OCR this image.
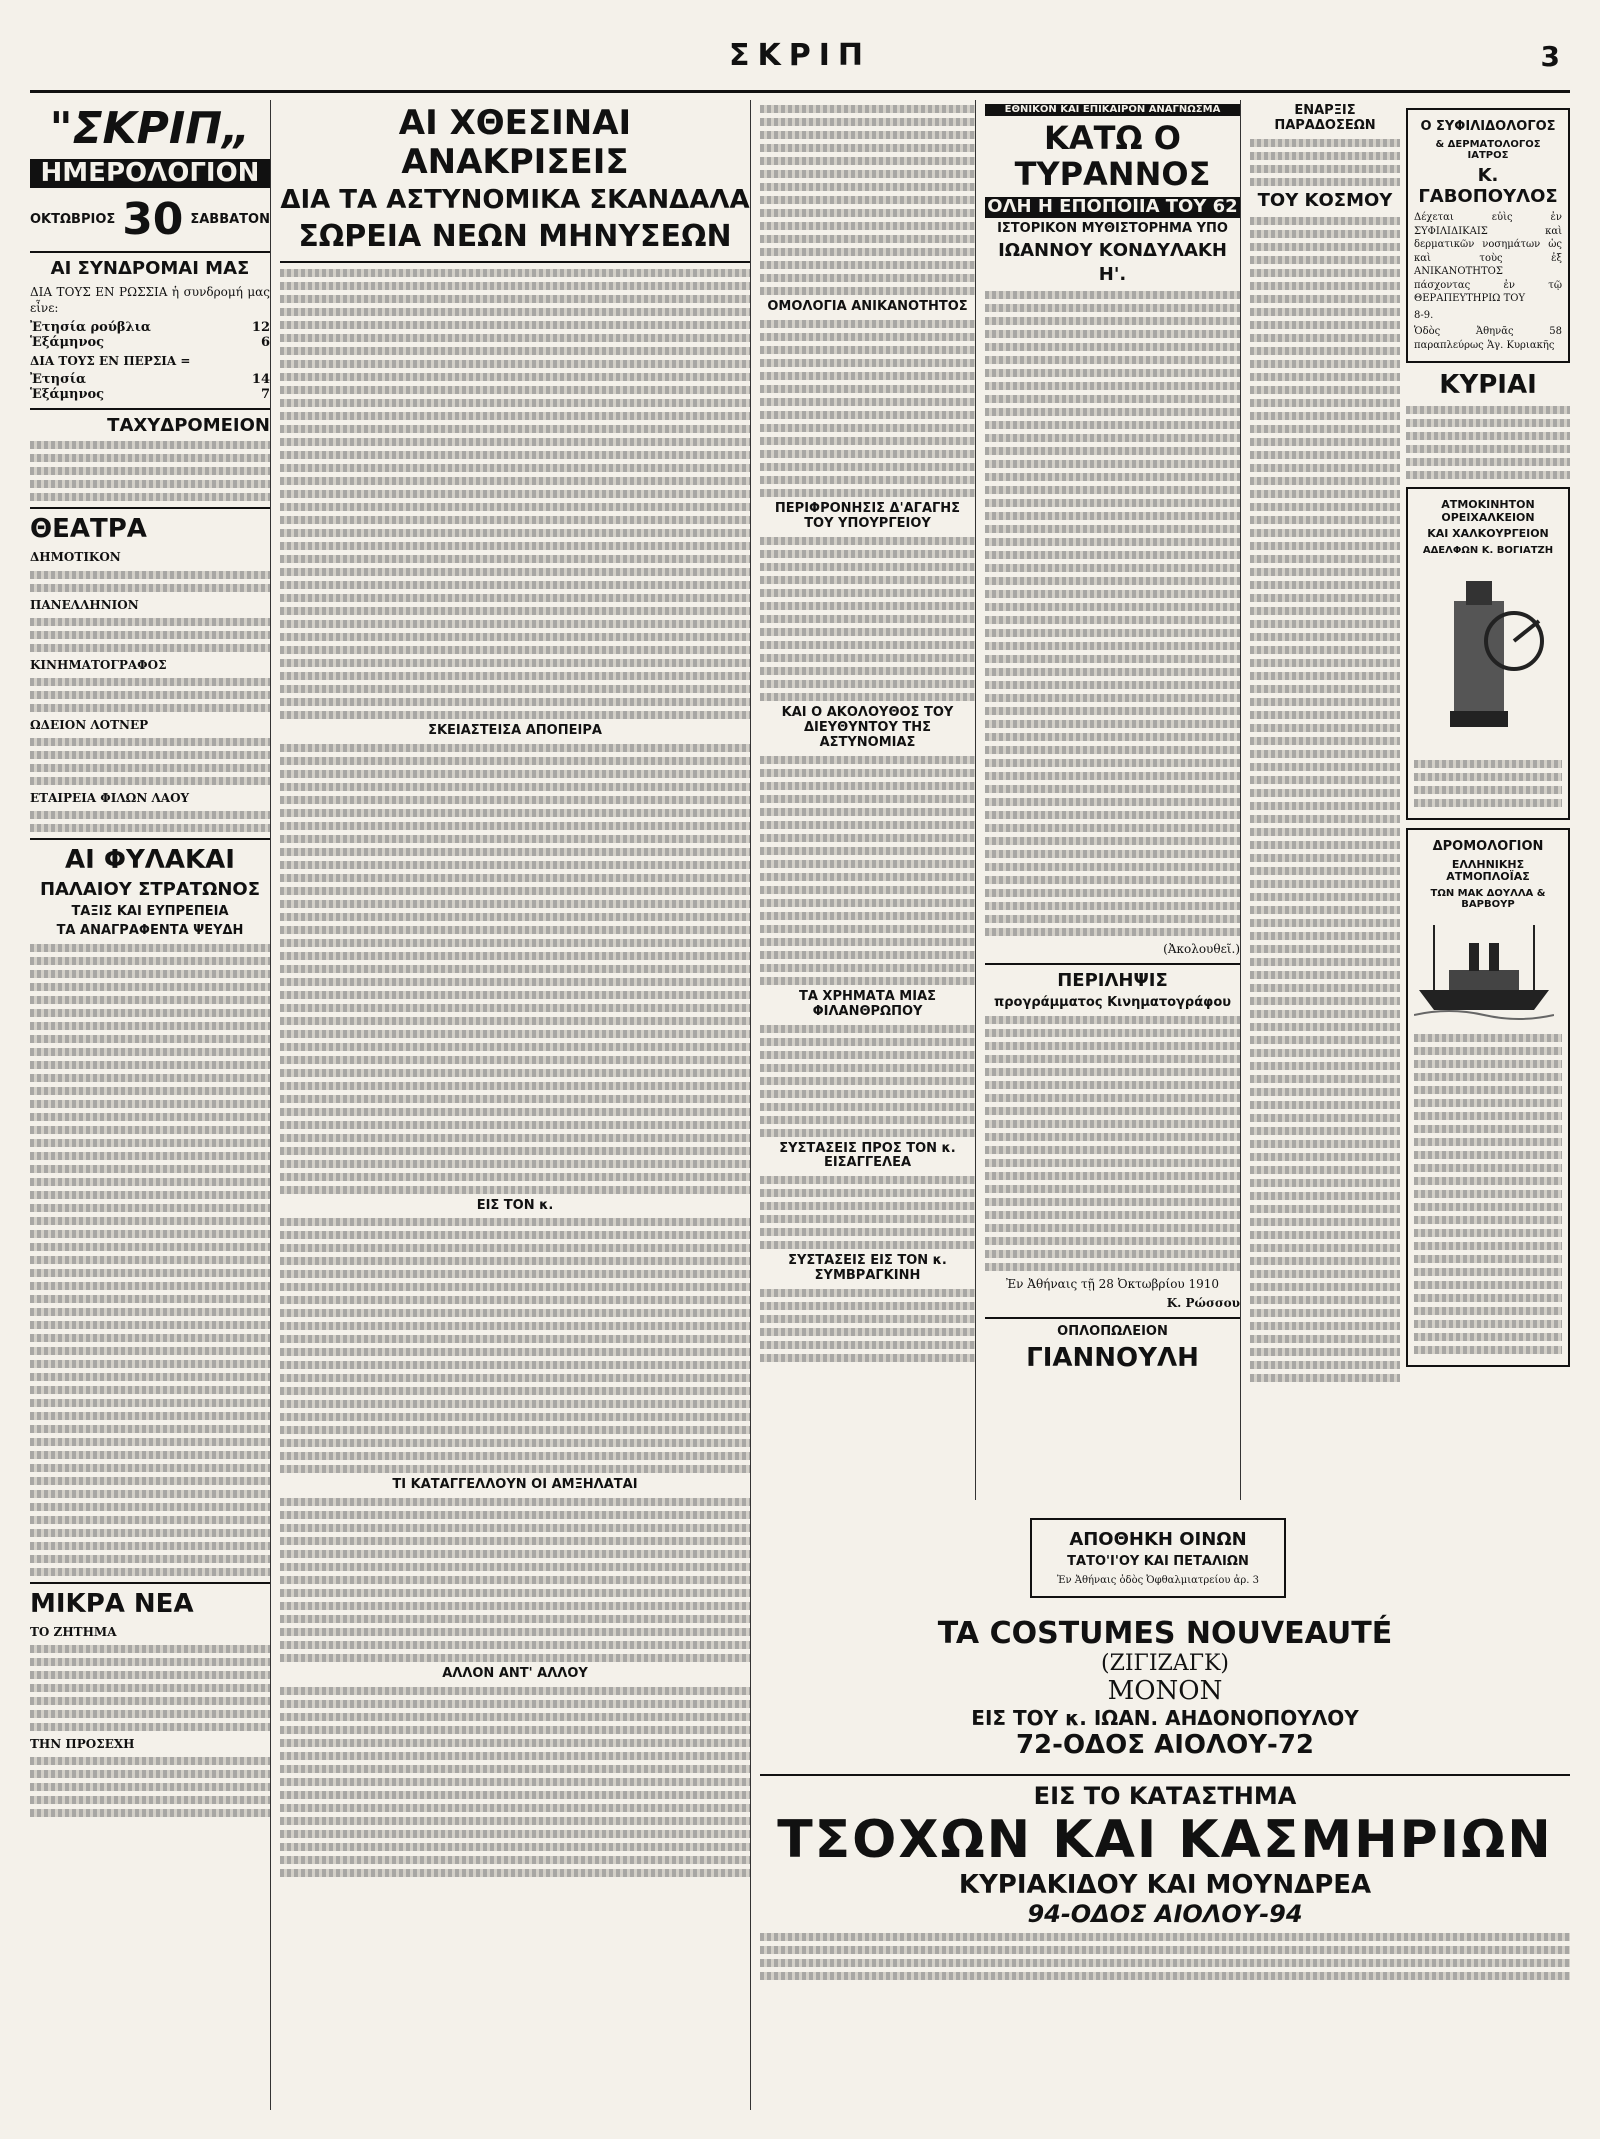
ΣΚΡΙΠ	3
"ΣΚΡΙΠ„
ΗΜΕΡΟΛΟΓΙΟΝ
ΟΚΤΩΒΡΙΟΣ 30 ΣΑΒΒΑΤΟΝ
ΑΙ ΣΥΝΔΡΟΜΑΙ ΜΑΣ
ΔΙΑ ΤΟΥΣ ΕΝ ΡΩΣΣΙΑ ἡ συνδρομή μας εἶνε:
Ἐτησία ρούβλια	12
Ἑξάμηνος	6
ΔΙΑ ΤΟΥΣ ΕΝ ΠΕΡΣΙΑ =
Ἐτησία	14
Ἑξάμηνος	7
ΤΑΧΥΔΡΟΜΕΙΟΝ
ΘΕΑΤΡΑ
ΔΗΜΟΤΙΚΟΝ
ΠΑΝΕΛΛΗΝΙΟΝ
ΚΙΝΗΜΑΤΟΓΡΑΦΟΣ
ΩΔΕΙΟΝ ΛΟΤΝΕΡ
ΕΤΑΙΡΕΙΑ ΦΙΛΩΝ ΛΑΟΥ
ΑΙ ΦΥΛΑΚΑΙ
ΠΑΛΑΙΟΥ ΣΤΡΑΤΩΝΟΣ
ΤΑΞΙΣ ΚΑΙ ΕΥΠΡΕΠΕΙΑ
ΤΑ ΑΝΑΓΡΑΦΕΝΤΑ ΨΕΥΔΗ
ΜΙΚΡΑ ΝΕΑ
ΤΟ ΖΗΤΗΜΑ
ΤΗΝ ΠΡΟΣΕΧΗ
ΑΙ ΧΘΕΣΙΝΑΙ ΑΝΑΚΡΙΣΕΙΣ
ΔΙΑ ΤΑ ΑΣΤΥΝΟΜΙΚΑ ΣΚΑΝΔΑΛΑ
ΣΩΡΕΙΑ ΝΕΩΝ ΜΗΝΥΣΕΩΝ
ΣΚΕΙΑΣΤΕΙΣΑ ΑΠΟΠΕΙΡΑ
ΕΙΣ ΤΟΝ κ.
ΤΙ ΚΑΤΑΓΓΕΛΛΟΥΝ ΟΙ ΑΜΞΗΛΑΤΑΙ
ΑΛΛΟΝ ΑΝΤ' ΑΛΛΟΥ
ΟΜΟΛΟΓΙΑ ΑΝΙΚΑΝΟΤΗΤΟΣ
ΠΕΡΙΦΡΟΝΗΣΙΣ Δ'ΑΓΑΓΗΣ ΤΟΥ ΥΠΟΥΡΓΕΙΟΥ
ΚΑΙ Ο ΑΚΟΛΟΥΘΟΣ ΤΟΥ ΔΙΕΥΘΥΝΤΟΥ ΤΗΣ ΑΣΤΥΝΟΜΙΑΣ
ΤΑ ΧΡΗΜΑΤΑ ΜΙΑΣ ΦΙΛΑΝΘΡΩΠΟΥ
ΣΥΣΤΑΣΕΙΣ ΠΡΟΣ ΤΟΝ κ. ΕΙΣΑΓΓΕΛΕΑ
ΣΥΣΤΑΣΕΙΣ ΕΙΣ ΤΟΝ κ. ΣΥΜΒΡΑΓΚΙΝΗ
ΕΘΝΙΚΟΝ ΚΑΙ ΕΠΙΚΑΙΡΟΝ ΑΝΑΓΝΩΣΜΑ
ΚΑΤΩ Ο ΤΥΡΑΝΝΟΣ
ΟΛΗ Η ΕΠΟΠΟΙΙΑ ΤΟΥ 62
ΙΣΤΟΡΙΚΟΝ ΜΥΘΙΣΤΟΡΗΜΑ ΥΠΟ
ΙΩΑΝΝΟΥ ΚΟΝΔΥΛΑΚΗ
Η'.
(Ἀκολουθεῖ.)
ΠΕΡΙΛΗΨΙΣ
προγράμματος Κινηματογράφου
Ἐν Ἀθήναις τῇ 28 Ὀκτωβρίου 1910
Κ. Ρώσσου
ΟΠΛΟΠΩΛΕΙΟΝ
ΓΙΑΝΝΟΥΛΗ
ΕΝΑΡΞΙΣ ΠΑΡΑΔΟΣΕΩΝ
ΤΟΥ ΚΟΣΜΟΥ
Ο ΣΥΦΙΛΙΔΟΛΟΓΟΣ
& ΔΕΡΜΑΤΟΛΟΓΟΣ ΙΑΤΡΟΣ
Κ. ΓΑΒΟΠΟΥΛΟΣ
Δέχεται εὐὶς ἐν ΣΥΦΙΛΙΔΙΚΑΙΣ καὶ δερματικῶν νοσημάτων ὡς καὶ τοὺς ἐξ ΑΝΙΚΑΝΟΤΗΤΟΣ πάσχοντας ἐν τῷ ΘΕΡΑΠΕΥΤΗΡΙΩ ΤΟΥ
8-9.
Ὁδὸς Ἀθηνᾶς 58 παραπλεύρως Ἁγ. Κυριακῆς
ΚΥΡΙΑΙ
ΑΤΜΟΚΙΝΗΤΟΝ ΟΡΕΙΧΑΛΚΕΙΟΝ
ΚΑΙ ΧΑΛΚΟΥΡΓΕΙΟΝ
ΑΔΕΛΦΩΝ Κ. ΒΟΓΙΑΤΖΗ
ΔΡΟΜΟΛΟΓΙΟΝ
ΕΛΛΗΝΙΚΗΣ ΑΤΜΟΠΛΟΪΑΣ
ΤΩΝ ΜΑΚ ΔΟΥΛΛΑ & ΒΑΡΒΟΥΡ
ΑΠΟΘΗΚΗ ΟΙΝΩΝ
ΤΑΤΟ'Ι'ΟΥ ΚΑΙ ΠΕΤΑΛΙΩΝ
Ἐν Ἀθήναις ὁδὸς Ὀφθαλμιατρείου ἀρ. 3
TA COSTUMES NOUVEAUTÉ
(ΖΙΓΙΖΑΓΚ)
ΜΟΝΟΝ
ΕΙΣ ΤΟΥ κ. ΙΩΑΝ. ΑΗΔΟΝΟΠΟΥΛΟΥ
72-ΟΔΟΣ ΑΙΟΛΟΥ-72
ΕΙΣ ΤΟ ΚΑΤΑΣΤΗΜΑ
ΤΣΟΧΩΝ ΚΑΙ ΚΑΣΜΗΡΙΩΝ
ΚΥΡΙΑΚΙΔΟΥ ΚΑΙ ΜΟΥΝΔΡΕΑ
94-ΟΔΟΣ ΑΙΟΛΟΥ-94
